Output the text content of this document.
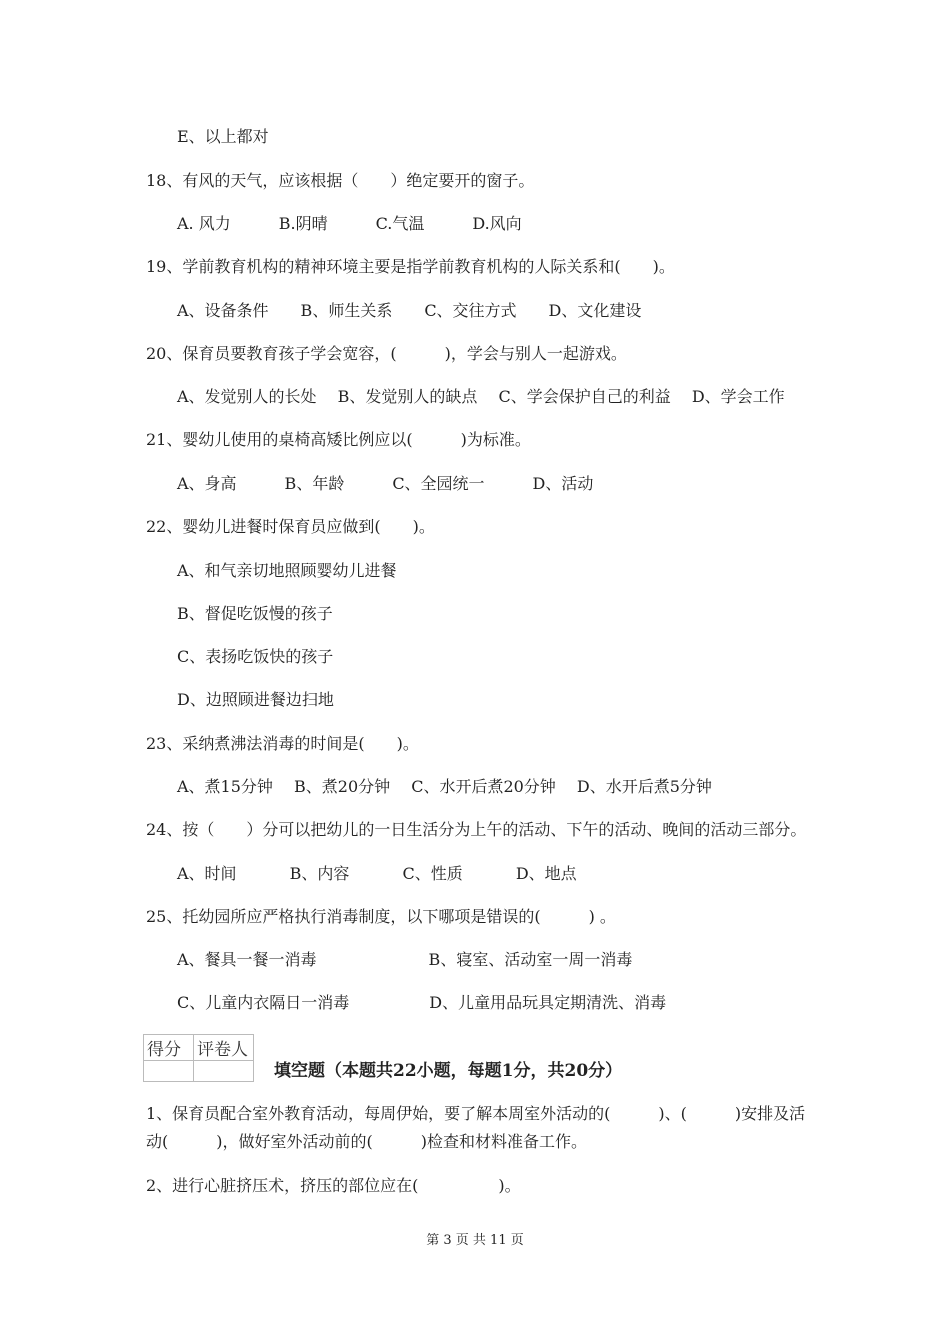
E、以上都对
18、有风的天气，应该根据（　　）绝定要开的窗子。
A. 风力　　　B.阴晴　　　C.气温　　　D.风向
19、学前教育机构的精神环境主要是指学前教育机构的人际关系和(　　)。
A、设备条件　　B、师生关系　　C、交往方式　　D、文化建设
20、保育员要教育孩子学会宽容，(　　　)，学会与别人一起游戏。
A、发觉别人的长处　 B、发觉别人的缺点　 C、学会保护自己的利益　 D、学会工作
21、婴幼儿使用的桌椅高矮比例应以(　　　)为标准。
A、身高　　　B、年龄　　　C、全园统一　　　D、活动
22、婴幼儿进餐时保育员应做到(　　)。
A、和气亲切地照顾婴幼儿进餐
B、督促吃饭慢的孩子
C、表扬吃饭快的孩子
D、边照顾进餐边扫地
23、采纳煮沸法消毒的时间是(　　)。
A、煮15分钟　 B、煮20分钟　 C、水开后煮20分钟　 D、水开后煮5分钟
24、按（　　）分可以把幼儿的一日生活分为上午的活动、下午的活动、晚间的活动三部分。
A、时间　　　 B、内容　　　 C、性质　　　 D、地点
25、托幼园所应严格执行消毒制度，以下哪项是错误的(　　　) 。
A、餐具一餐一消毒　　　　　　　B、寝室、活动室一周一消毒
C、儿童内衣隔日一消毒　　　　　D、儿童用品玩具定期清洗、消毒
得分	评卷人

填空题（本题共22小题，每题1分，共20分）
1、保育员配合室外教育活动，每周伊始，要了解本周室外活动的(　　　)、(　　　)安排及活
动(　　　)，做好室外活动前的(　　　)检查和材料准备工作。
2、进行心脏挤压术，挤压的部位应在(　　　　　)。
第 3 页 共 11 页
